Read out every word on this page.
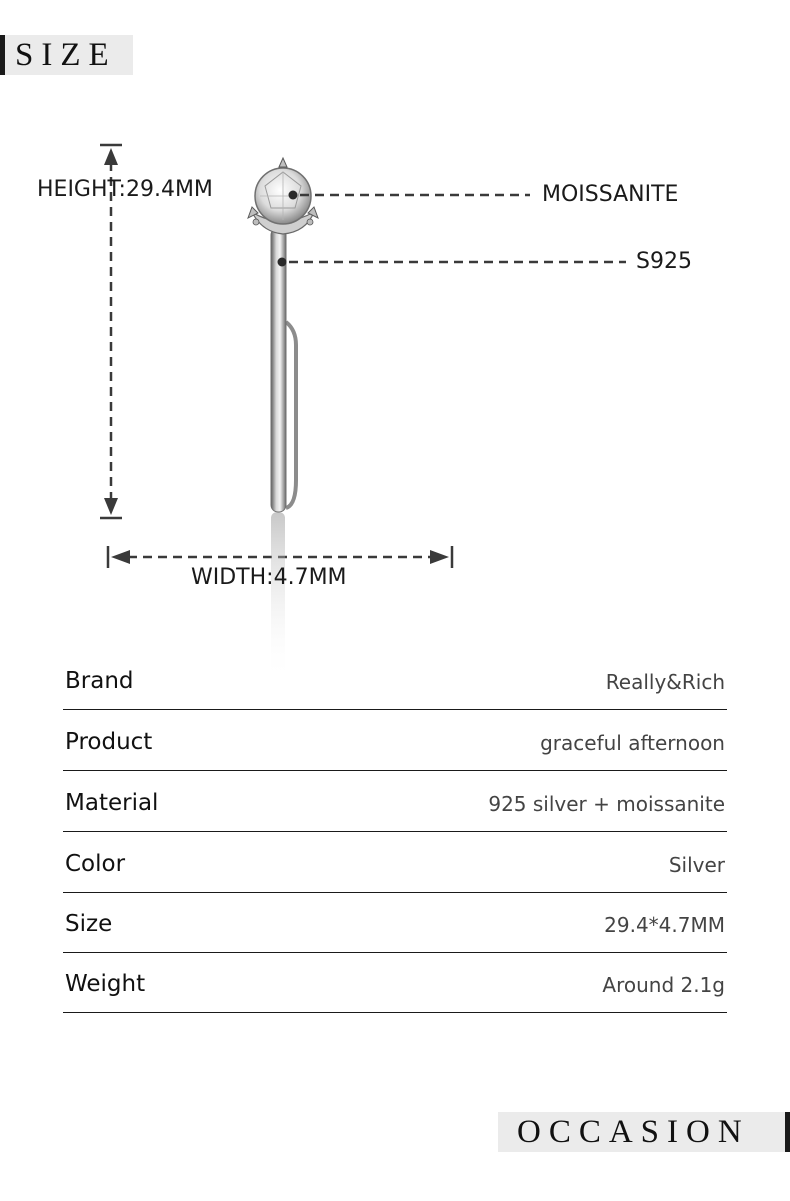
SIZE
HEIGHT:29.4MM
WIDTH:4.7MM
MOISSANITE
S925
Brand	Really&Rich
Product	graceful afternoon
Material	925 silver + moissanite
Color	Silver
Size	29.4*4.7MM
Weight	Around 2.1g
OCCASION
